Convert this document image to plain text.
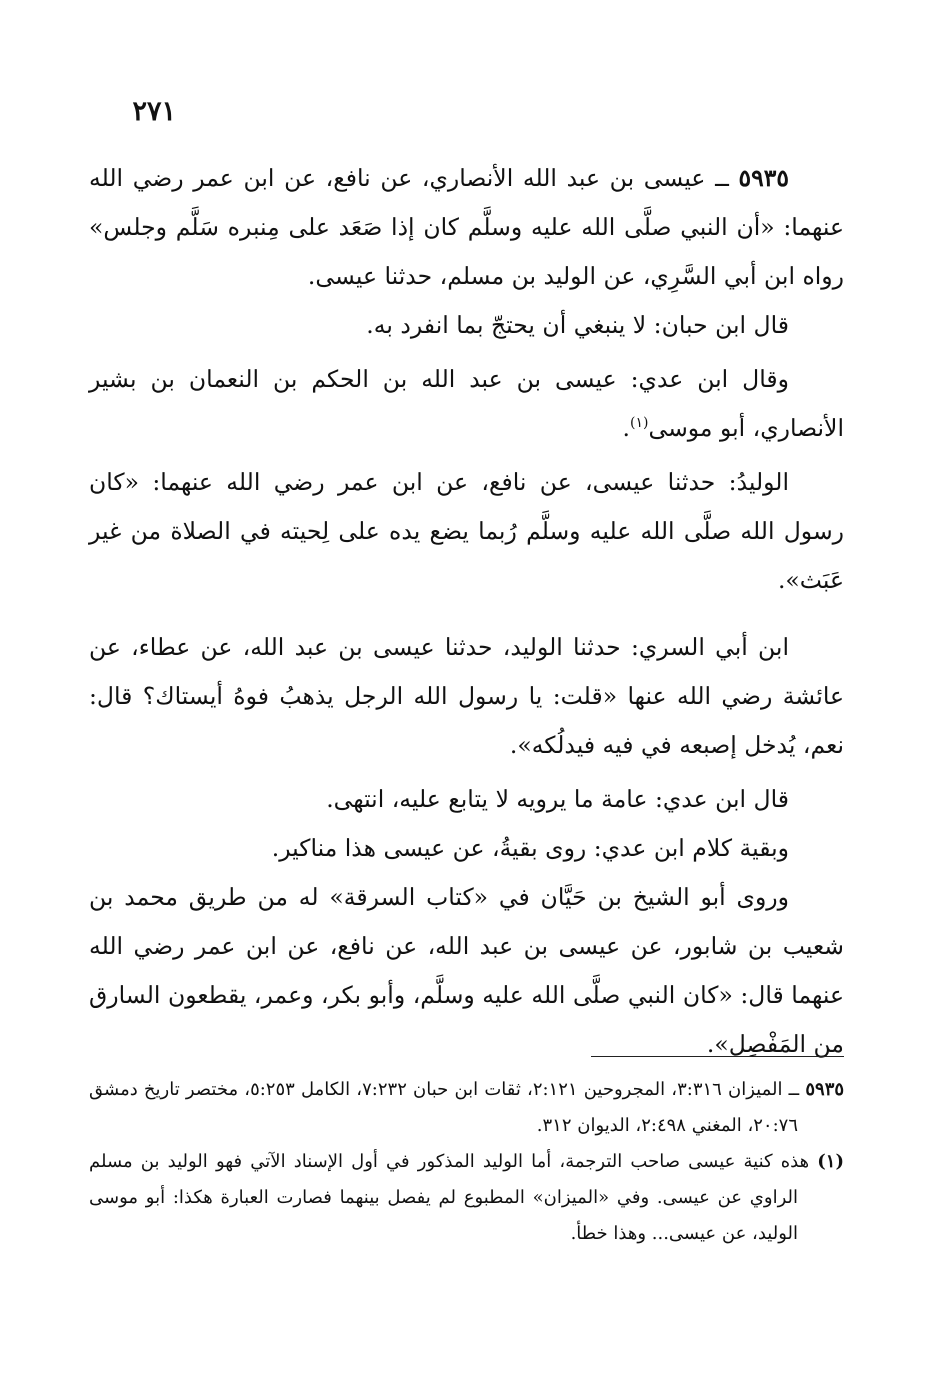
٢٧١

٥٩٣٥ ــ عيسى بن عبد الله الأنصاري، عن نافع، عن ابن عمر رضي الله عنهما: «أن النبي صلَّى الله عليه وسلَّم كان إذا صَعَد على مِنبره سَلَّم وجلس» رواه ابن أبي السَّرِي، عن الوليد بن مسلم، حدثنا عيسى.

قال ابن حبان: لا ينبغي أن يحتجّ بما انفرد به.

وقال ابن عدي: عيسى بن عبد الله بن الحكم بن النعمان بن بشير الأنصاري، أبو موسى$^{(١)}$.

الوليدُ: حدثنا عيسى، عن نافع، عن ابن عمر رضي الله عنهما: «كان رسول الله صلَّى الله عليه وسلَّم رُبما يضع يده على لِحيته في الصلاة من غير عَبَث».

ابن أبي السري: حدثنا الوليد، حدثنا عيسى بن عبد الله، عن عطاء، عن عائشة رضي الله عنها «قلت: يا رسول الله الرجل يذهبُ فوهُ أيستاك؟ قال: نعم، يُدخل إصبعه في فيه فيدلُكه».

قال ابن عدي: عامة ما يرويه لا يتابع عليه، انتهى.

وبقية كلام ابن عدي: روى بقيةُ، عن عيسى هذا مناكير.

وروى أبو الشيخ بن حَيَّان في «كتاب السرقة» له من طريق محمد بن شعيب بن شابور، عن عيسى بن عبد الله، عن نافع، عن ابن عمر رضي الله عنهما قال: «كان النبي صلَّى الله عليه وسلَّم، وأبو بكر، وعمر، يقطعون السارق من المَفْصِل».

٥٩٣٥ ــ الميزان ٣:٣١٦، المجروحين ٢:١٢١، ثقات ابن حبان ٧:٢٣٢، الكامل ٥:٢٥٣، مختصر تاريخ دمشق ٢٠:٧٦، المغني ٢:٤٩٨، الديوان ٣١٢.

(١) هذه كنية عيسى صاحب الترجمة، أما الوليد المذكور في أول الإسناد الآتي فهو الوليد بن مسلم الراوي عن عيسى. وفي «الميزان» المطبوع لم يفصل بينهما فصارت العبارة هكذا: أبو موسى الوليد، عن عيسى... وهذا خطأ.
